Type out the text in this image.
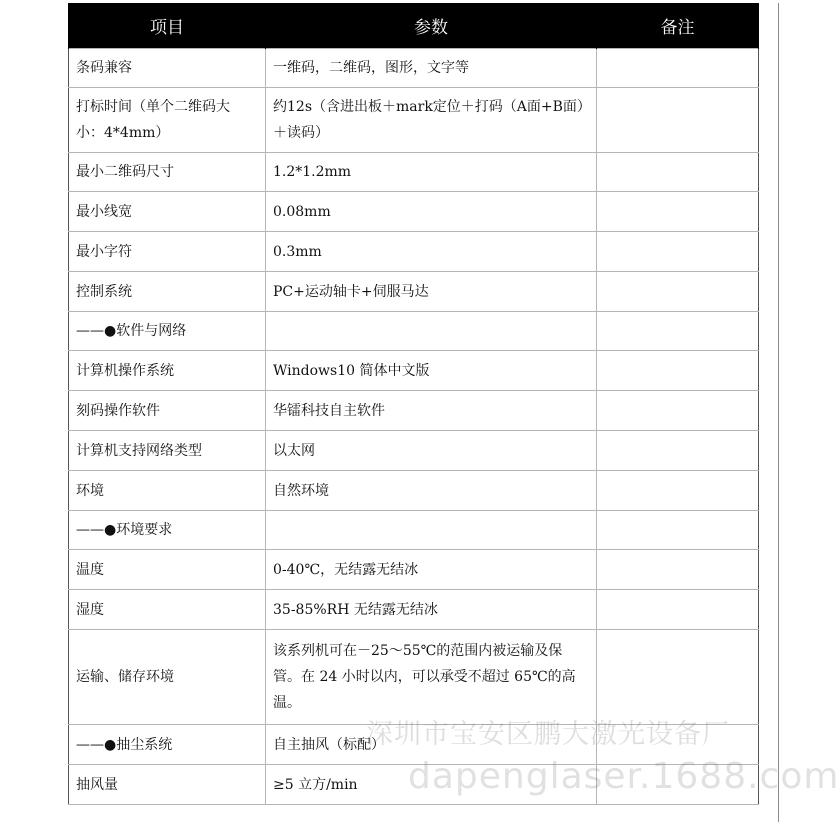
项目	参数	备注
条码兼容	一维码，二维码，图形，文字等	
打标时间（单个二维码大小：4*4mm）	约12s（含进出板＋mark定位＋打码（A面+B面）＋读码）	
最小二维码尺寸	1.2*1.2mm	
最小线宽	0.08mm	
最小字符	0.3mm	
控制系统	PC+运动轴卡+伺服马达	
——●软件与网络		
计算机操作系统	Windows10 简体中文版	
刻码操作软件	华镭科技自主软件	
计算机支持网络类型	以太网	
环境	自然环境	
——●环境要求		
温度	0-40℃，无结露无结冰	
湿度	35-85%RH 无结露无结冰	
运输、储存环境	该系列机可在－25～55℃的范围内被运输及保管。在 24 小时以内，可以承受不超过 65℃的高温。	
——●抽尘系统	自主抽风（标配）	
抽风量	≥5 立方/min	
深圳市宝安区鹏大激光设备厂
dapenglaser.1688.com
